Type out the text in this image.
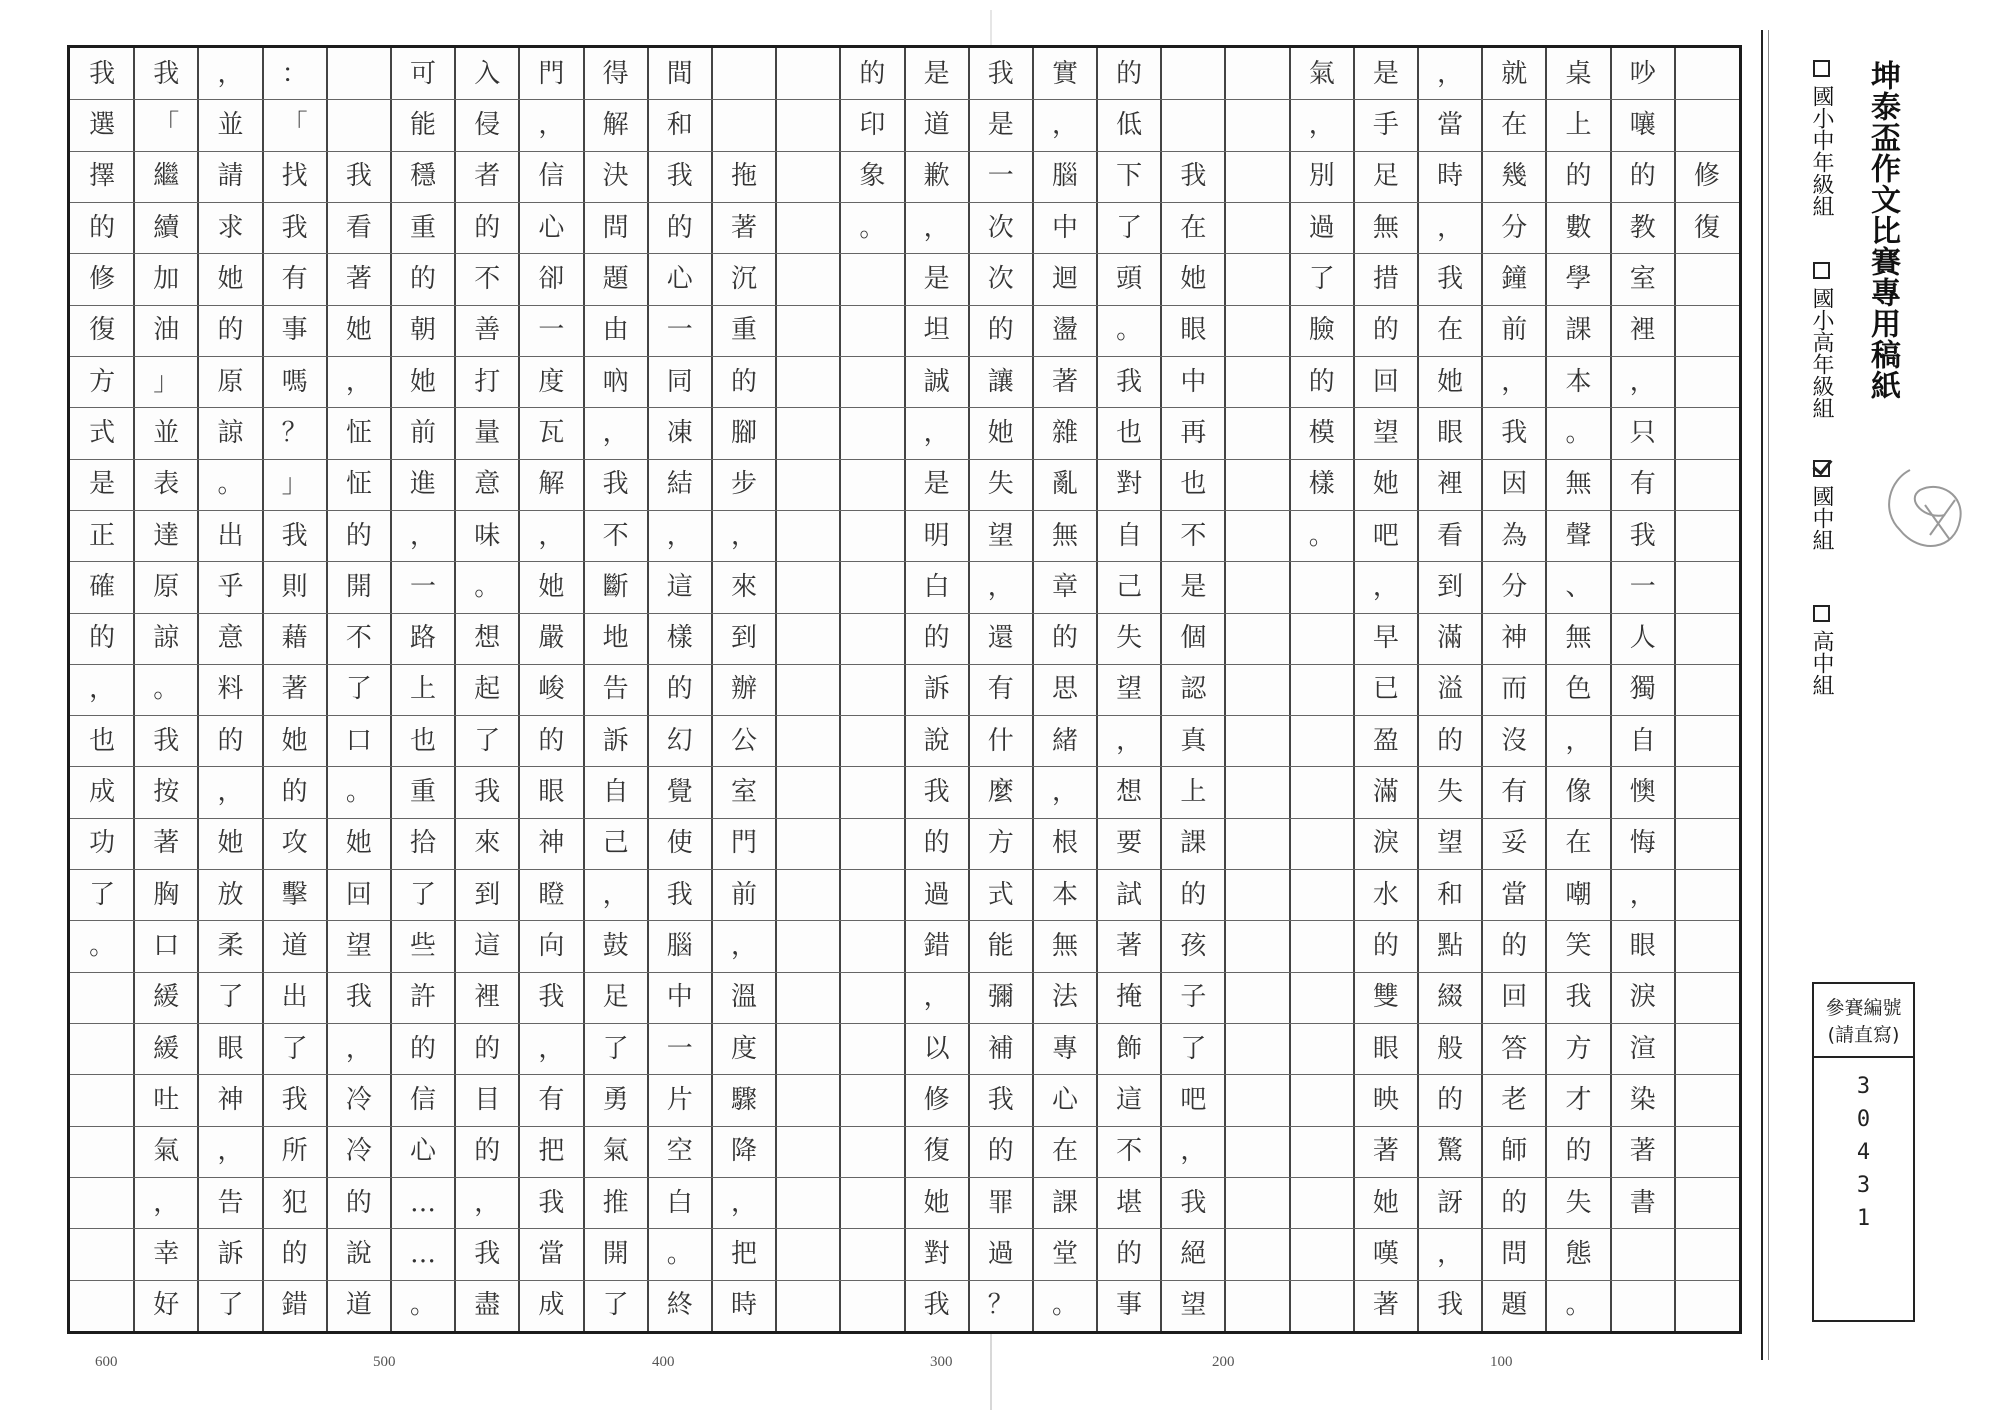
修
復
吵
嚷
的
教
室
裡
，
只
有
我
一
人
獨
自
懊
悔
，
眼
淚
渲
染
著
書
桌
上
的
數
學
課
本
。
無
聲
、
無
色
，
像
在
嘲
笑
我
方
才
的
失
態
。
就
在
幾
分
鐘
前
，
我
因
為
分
神
而
沒
有
妥
當
的
回
答
老
師
的
問
題
，
當
時
，
我
在
她
眼
裡
看
到
滿
溢
的
失
望
和
點
綴
般
的
驚
訝
，
我
是
手
足
無
措
的
回
望
她
吧
，
早
已
盈
滿
淚
水
的
雙
眼
映
著
她
嘆
著
氣
，
別
過
了
臉
的
模
樣
。
我
在
她
眼
中
再
也
不
是
個
認
真
上
課
的
孩
子
了
吧
，
我
絕
望
的
低
下
了
頭
。
我
也
對
自
己
失
望
，
想
要
試
著
掩
飾
這
不
堪
的
事
實
，
腦
中
迴
盪
著
雜
亂
無
章
的
思
緒
，
根
本
無
法
專
心
在
課
堂
。
我
是
一
次
次
的
讓
她
失
望
，
還
有
什
麼
方
式
能
彌
補
我
的
罪
過
？
是
道
歉
，
是
坦
誠
，
是
明
白
的
訴
說
我
的
過
錯
，
以
修
復
她
對
我
的
印
象
。
拖
著
沉
重
的
腳
步
，
來
到
辦
公
室
門
前
，
溫
度
驟
降
，
把
時
間
和
我
的
心
一
同
凍
結
，
這
樣
的
幻
覺
使
我
腦
中
一
片
空
白
。
終
得
解
決
問
題
由
吶
，
我
不
斷
地
告
訴
自
己
，
鼓
足
了
勇
氣
推
開
了
門
，
信
心
卻
一
度
瓦
解
，
她
嚴
峻
的
眼
神
瞪
向
我
，
有
把
我
當
成
入
侵
者
的
不
善
打
量
意
味
。
想
起
了
我
來
到
這
裡
的
目
的
，
我
盡
可
能
穩
重
的
朝
她
前
進
，
一
路
上
也
重
拾
了
些
許
的
信
心
…
…
。
我
看
著
她
，
怔
怔
的
開
不
了
口
。
她
回
望
我
，
冷
冷
的
說
道
：
「
找
我
有
事
嗎
？
」
我
則
藉
著
她
的
攻
擊
道
出
了
我
所
犯
的
錯
，
並
請
求
她
的
原
諒
。
出
乎
意
料
的
，
她
放
柔
了
眼
神
，
告
訴
了
我
「
繼
續
加
油
」
並
表
達
原
諒
。
我
按
著
胸
口
緩
緩
吐
氣
，
幸
好
我
選
擇
的
修
復
方
式
是
正
確
的
，
也
成
功
了
。
600	500	400	300	200	100
坤泰盃作文比賽專用稿紙
國小中年級組
國小高年級組
國中組
高中組
參賽編號
(請直寫)
3
0
4
3
1
